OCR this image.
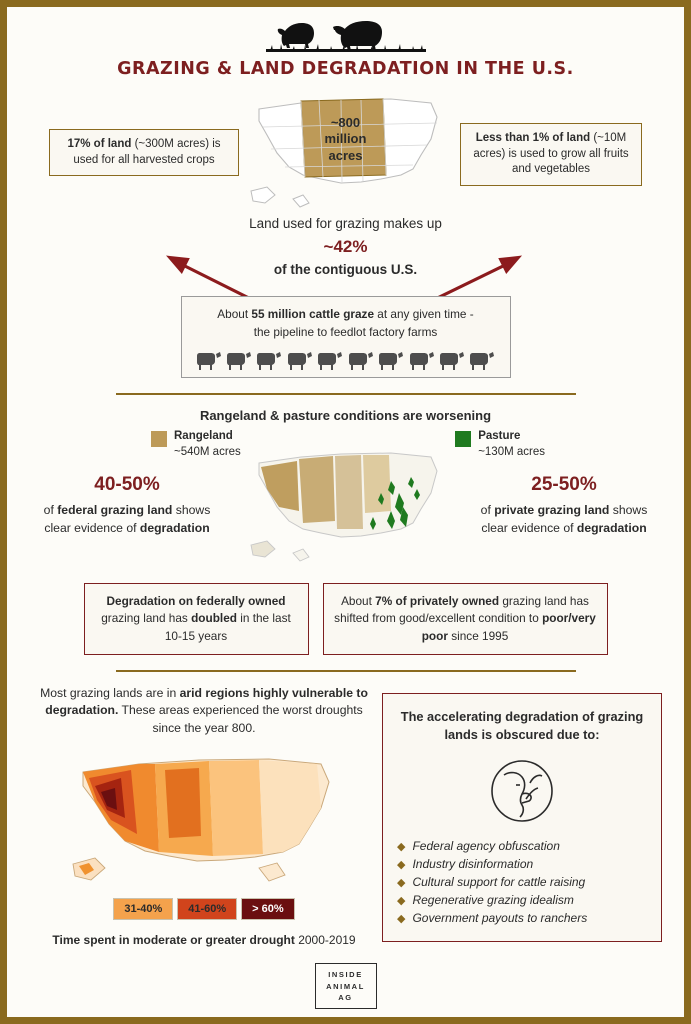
GRAZING & LAND DEGRADATION IN THE U.S.
~800
million
acres
17% of land (~300M acres) is used for all harvested crops
Less than 1% of land (~10M acres) is used to grow all fruits and vegetables
Land used for grazing makes up
~42%
of the contiguous U.S.
About 55 million cattle graze at any given time -
the pipeline to feedlot factory farms
Rangeland & pasture conditions are worsening
Rangeland
~540M acres
Pasture
~130M acres
40-50%
of federal grazing land shows
clear evidence of degradation
25-50%
of private grazing land shows
clear evidence of degradation
Degradation on federally owned grazing land has doubled in the last 10-15 years
About 7% of privately owned grazing land has shifted from good/excellent condition to poor/very poor since 1995
Most grazing lands are in arid regions highly vulnerable to degradation. These areas experienced the worst droughts since the year 800.
31-40%	41-60%	> 60%
Time spent in moderate or greater drought 2000-2019
The accelerating degradation of grazing lands is obscured due to:
◆ Federal agency obfuscation
◆ Industry disinformation
◆ Cultural support for cattle raising
◆ Regenerative grazing idealism
◆ Government payouts to ranchers
INSIDE
ANIMAL
AG
